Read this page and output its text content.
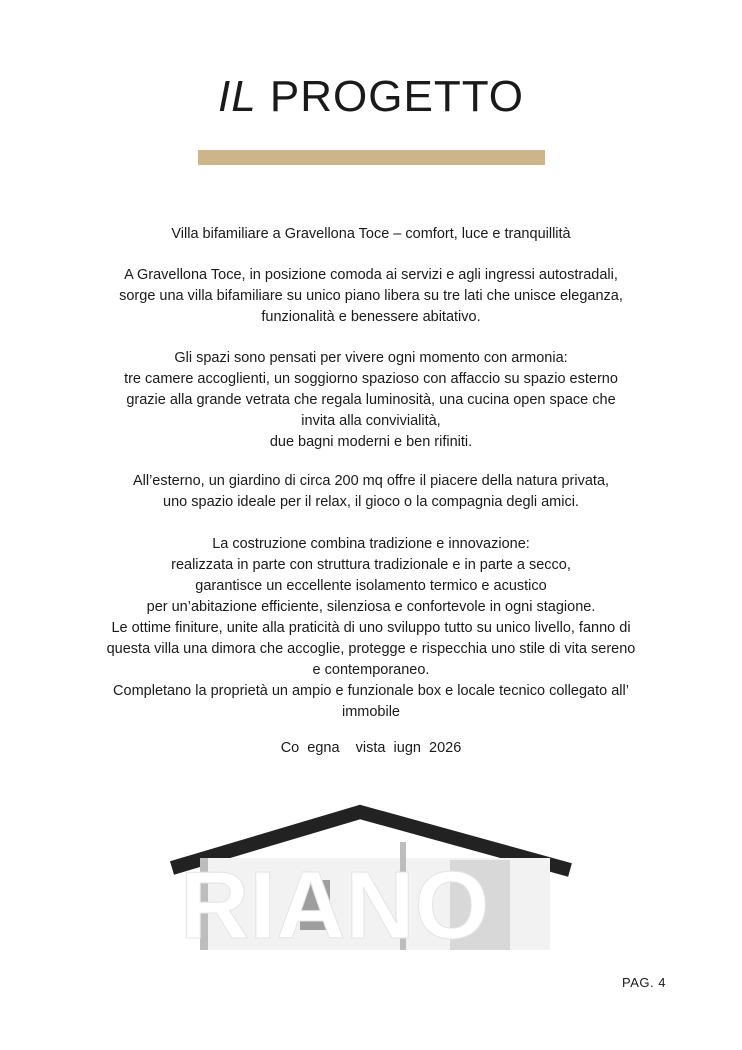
IL PROGETTO
Villa bifamiliare a Gravellona Toce – comfort, luce e tranquillità
A Gravellona Toce, in posizione comoda ai servizi e agli ingressi autostradali,
sorge una villa bifamiliare su unico piano libera su tre lati che unisce eleganza,
funzionalità e benessere abitativo.
Gli spazi sono pensati per vivere ogni momento con armonia:
tre camere accoglienti, un soggiorno spazioso con affaccio su spazio esterno
grazie alla grande vetrata che regala luminosità, una cucina open space che
invita alla convivialità,
due bagni moderni e ben rifiniti.
All’esterno, un giardino di circa 200 mq offre il piacere della natura privata,
uno spazio ideale per il relax, il gioco o la compagnia degli amici.
La costruzione combina tradizione e innovazione:
realizzata in parte con struttura tradizionale e in parte a secco,
garantisce un eccellente isolamento termico e acustico
per un’abitazione efficiente, silenziosa e confortevole in ogni stagione.
Le ottime finiture, unite alla praticità di uno sviluppo tutto su unico livello, fanno di
questa villa una dimora che accoglie, protegge e rispecchia uno stile di vita sereno
e contemporaneo.
Completano la proprietà un ampio e funzionale box e locale tecnico collegato all’
immobile
Co  egna    vista  iugn  2026
RIANO
PAG. 4
